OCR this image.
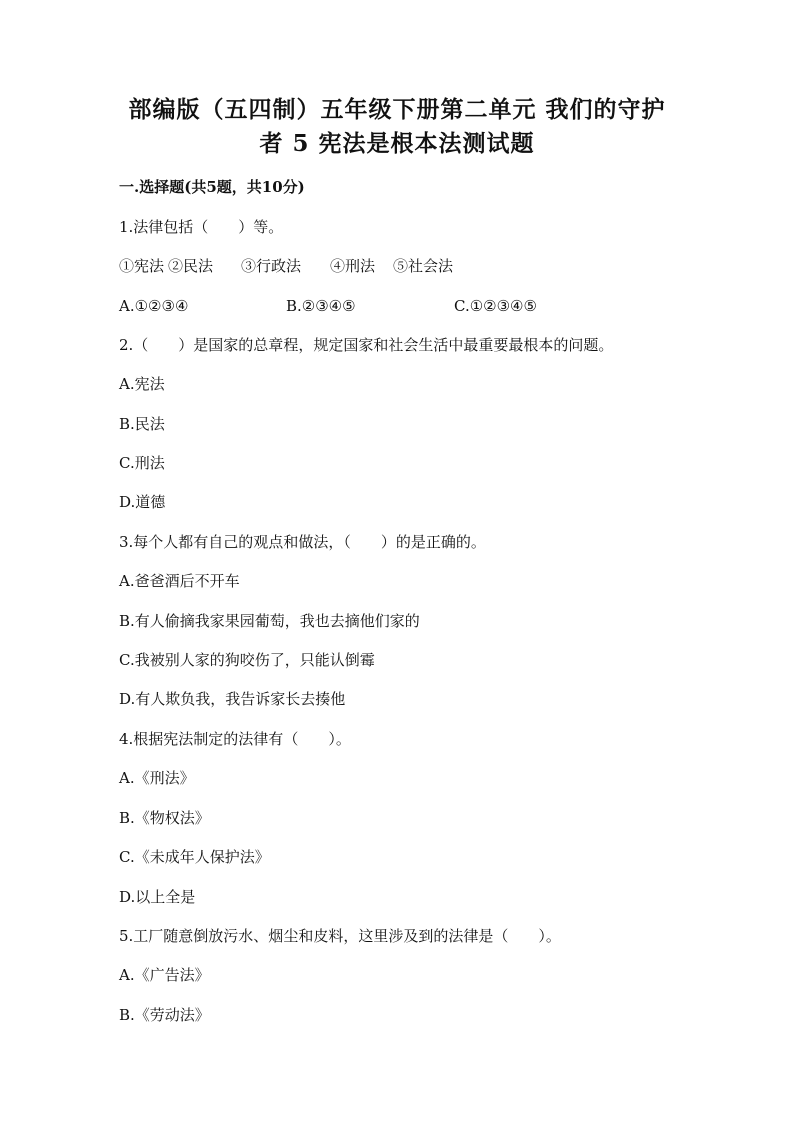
部编版（五四制）五年级下册第二单元 我们的守护
者 5 宪法是根本法测试题
一.选择题(共5题，共10分)
1.法律包括（　　）等。
①宪法 ②民法 ③行政法 ④刑法 ⑤社会法
A.①②③④	B.②③④⑤	C.①②③④⑤
2.（　　）是国家的总章程，规定国家和社会生活中最重要最根本的问题。
A.宪法
B.民法
C.刑法
D.道德
3.每个人都有自己的观点和做法，（　　）的是正确的。
A.爸爸酒后不开车
B.有人偷摘我家果园葡萄，我也去摘他们家的
C.我被别人家的狗咬伤了，只能认倒霉
D.有人欺负我，我告诉家长去揍他
4.根据宪法制定的法律有（　　）。
A.《刑法》
B.《物权法》
C.《未成年人保护法》
D.以上全是
5.工厂随意倒放污水、烟尘和皮料，这里涉及到的法律是（　　）。
A.《广告法》
B.《劳动法》
